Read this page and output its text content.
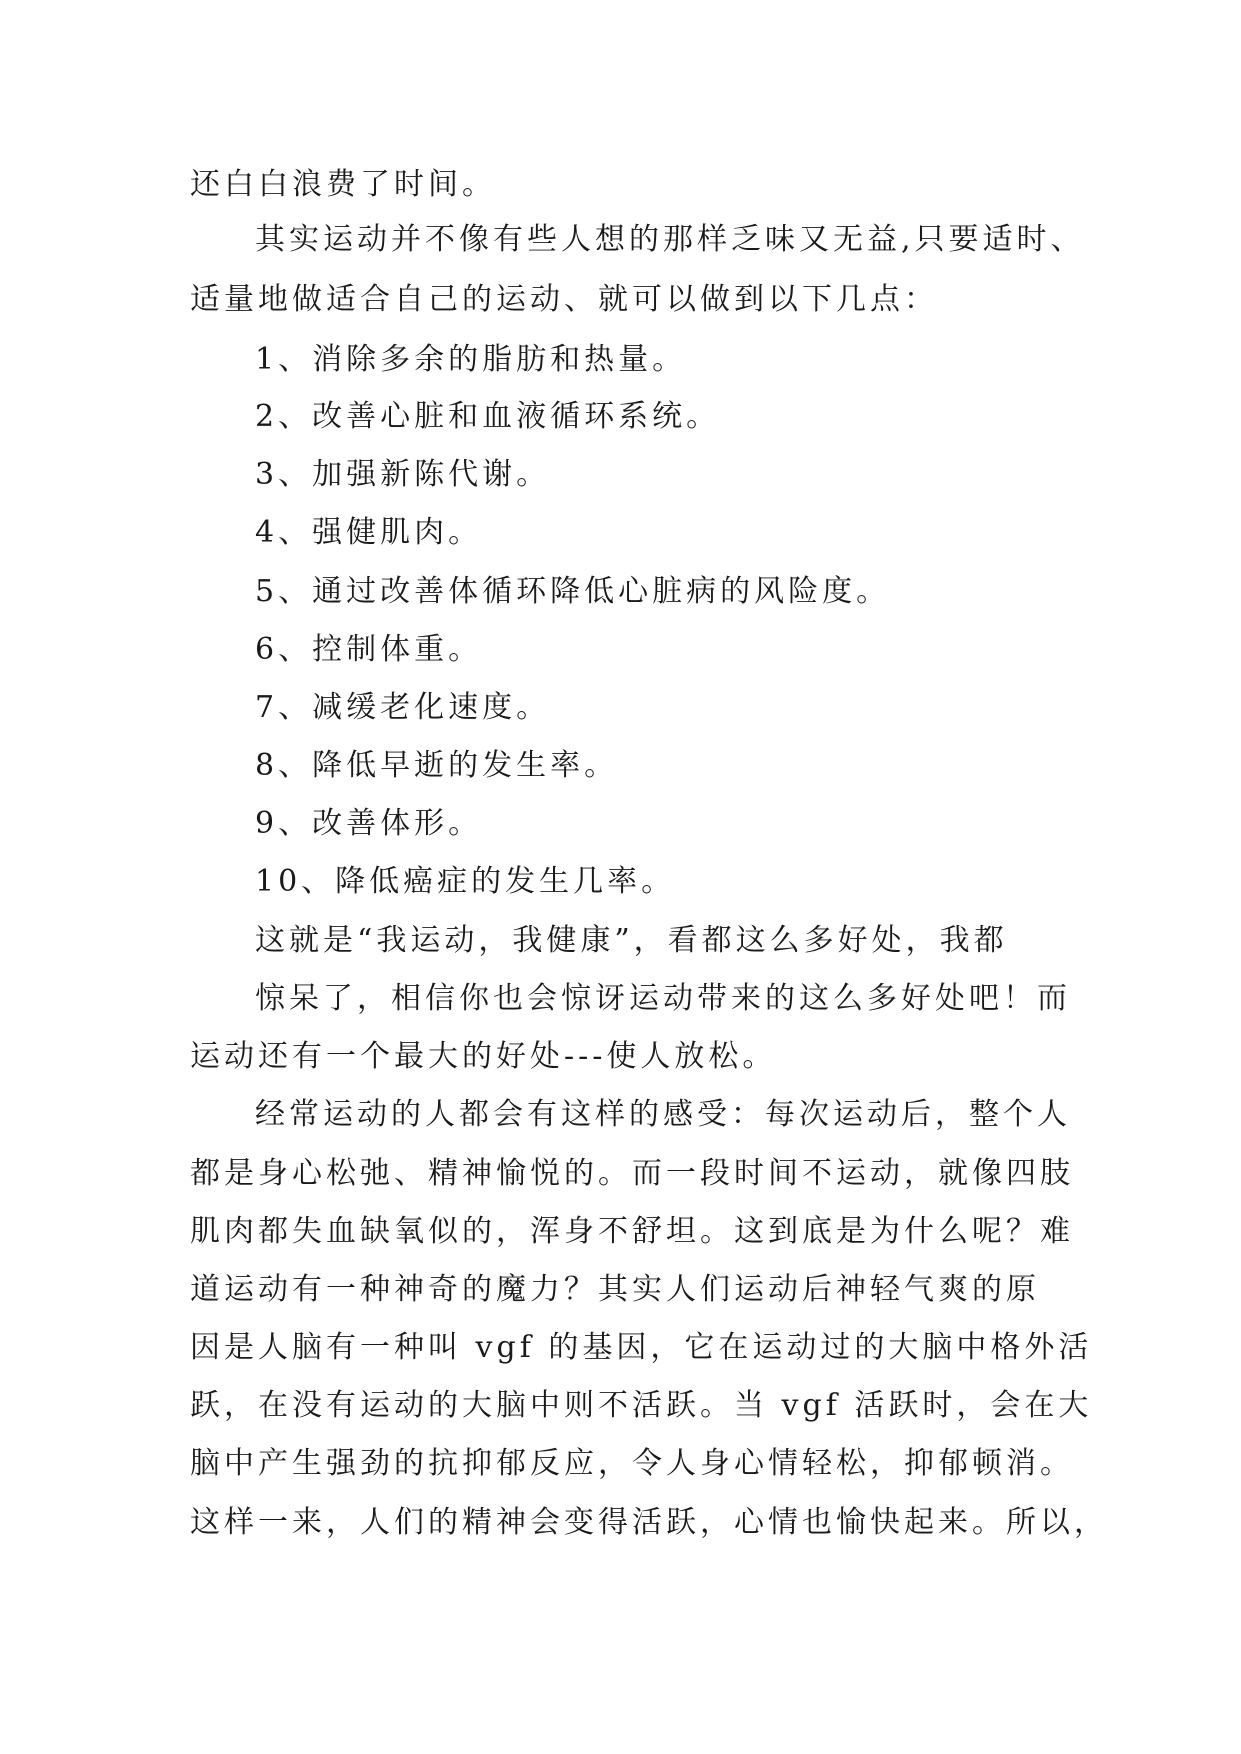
还白白浪费了时间。
其实运动并不像有些人想的那样乏味又无益,只要适时、
适量地做适合自己的运动、就可以做到以下几点：
1、消除多余的脂肪和热量。
2、改善心脏和血液循环系统。
3、加强新陈代谢。
4、强健肌肉。
5、通过改善体循环降低心脏病的风险度。
6、控制体重。
7、减缓老化速度。
8、降低早逝的发生率。
9、改善体形。
10、降低癌症的发生几率。
这就是“我运动，我健康”，看都这么多好处，我都
惊呆了，相信你也会惊讶运动带来的这么多好处吧！而
运动还有一个最大的好处---使人放松。
经常运动的人都会有这样的感受：每次运动后，整个人
都是身心松弛、精神愉悦的。而一段时间不运动，就像四肢
肌肉都失血缺氧似的，浑身不舒坦。这到底是为什么呢？难
道运动有一种神奇的魔力？其实人们运动后神轻气爽的原
因是人脑有一种叫 vgf 的基因，它在运动过的大脑中格外活
跃，在没有运动的大脑中则不活跃。当 vgf 活跃时，会在大
脑中产生强劲的抗抑郁反应，令人身心情轻松，抑郁顿消。
这样一来，人们的精神会变得活跃，心情也愉快起来。所以，
